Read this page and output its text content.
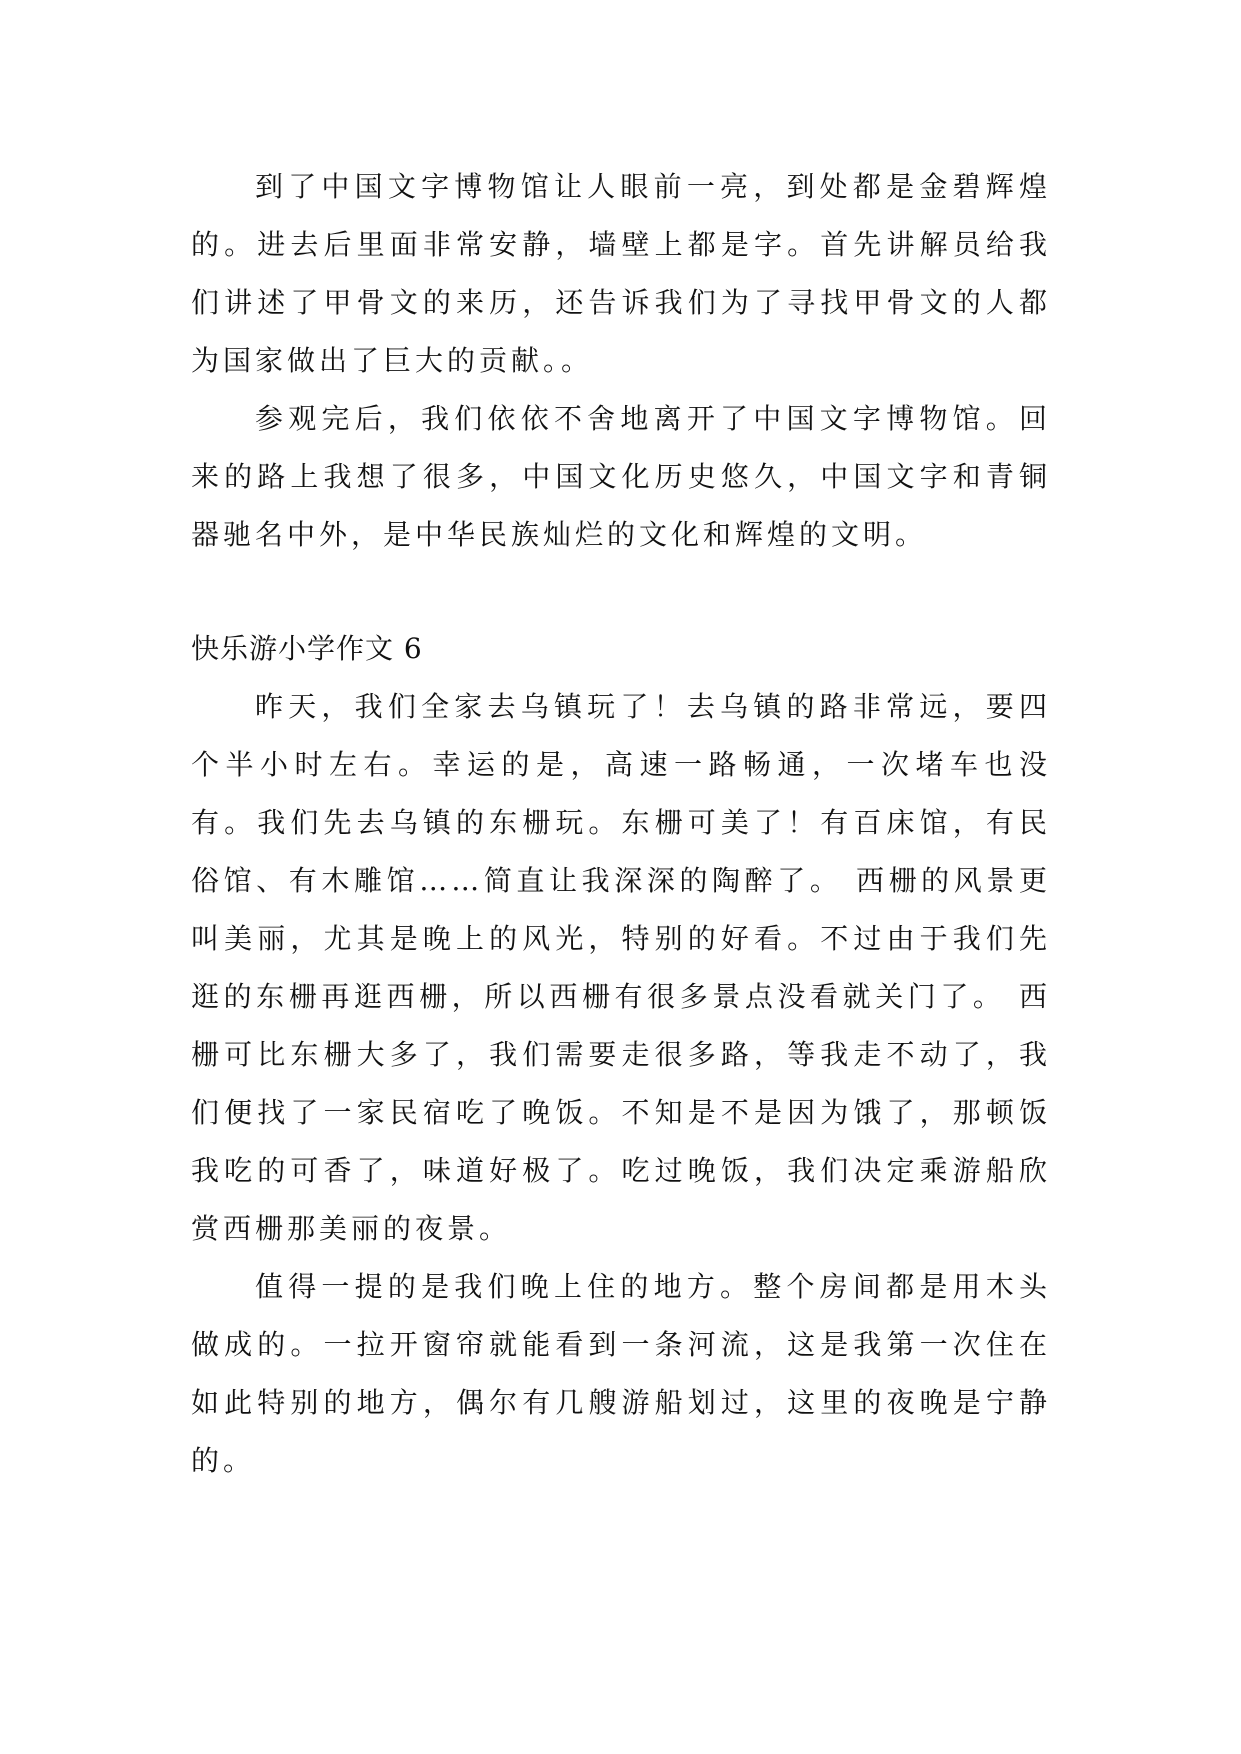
到了中国文字博物馆让人眼前一亮，到处都是金碧辉煌的。进去后里面非常安静，墙壁上都是字。首先讲解员给我们讲述了甲骨文的来历，还告诉我们为了寻找甲骨文的人都为国家做出了巨大的贡献。。

参观完后，我们依依不舍地离开了中国文字博物馆。回来的路上我想了很多，中国文化历史悠久，中国文字和青铜器驰名中外，是中华民族灿烂的文化和辉煌的文明。

快乐游小学作文 6

昨天，我们全家去乌镇玩了！去乌镇的路非常远，要四个半小时左右。幸运的是，高速一路畅通，一次堵车也没有。我们先去乌镇的东栅玩。东栅可美了！有百床馆，有民俗馆、有木雕馆……简直让我深深的陶醉了。 西栅的风景更叫美丽，尤其是晚上的风光，特别的好看。不过由于我们先逛的东栅再逛西栅，所以西栅有很多景点没看就关门了。 西栅可比东栅大多了，我们需要走很多路，等我走不动了，我们便找了一家民宿吃了晚饭。不知是不是因为饿了，那顿饭我吃的可香了，味道好极了。吃过晚饭，我们决定乘游船欣赏西栅那美丽的夜景。

值得一提的是我们晚上住的地方。整个房间都是用木头做成的。一拉开窗帘就能看到一条河流，这是我第一次住在如此特别的地方，偶尔有几艘游船划过，这里的夜晚是宁静的。
